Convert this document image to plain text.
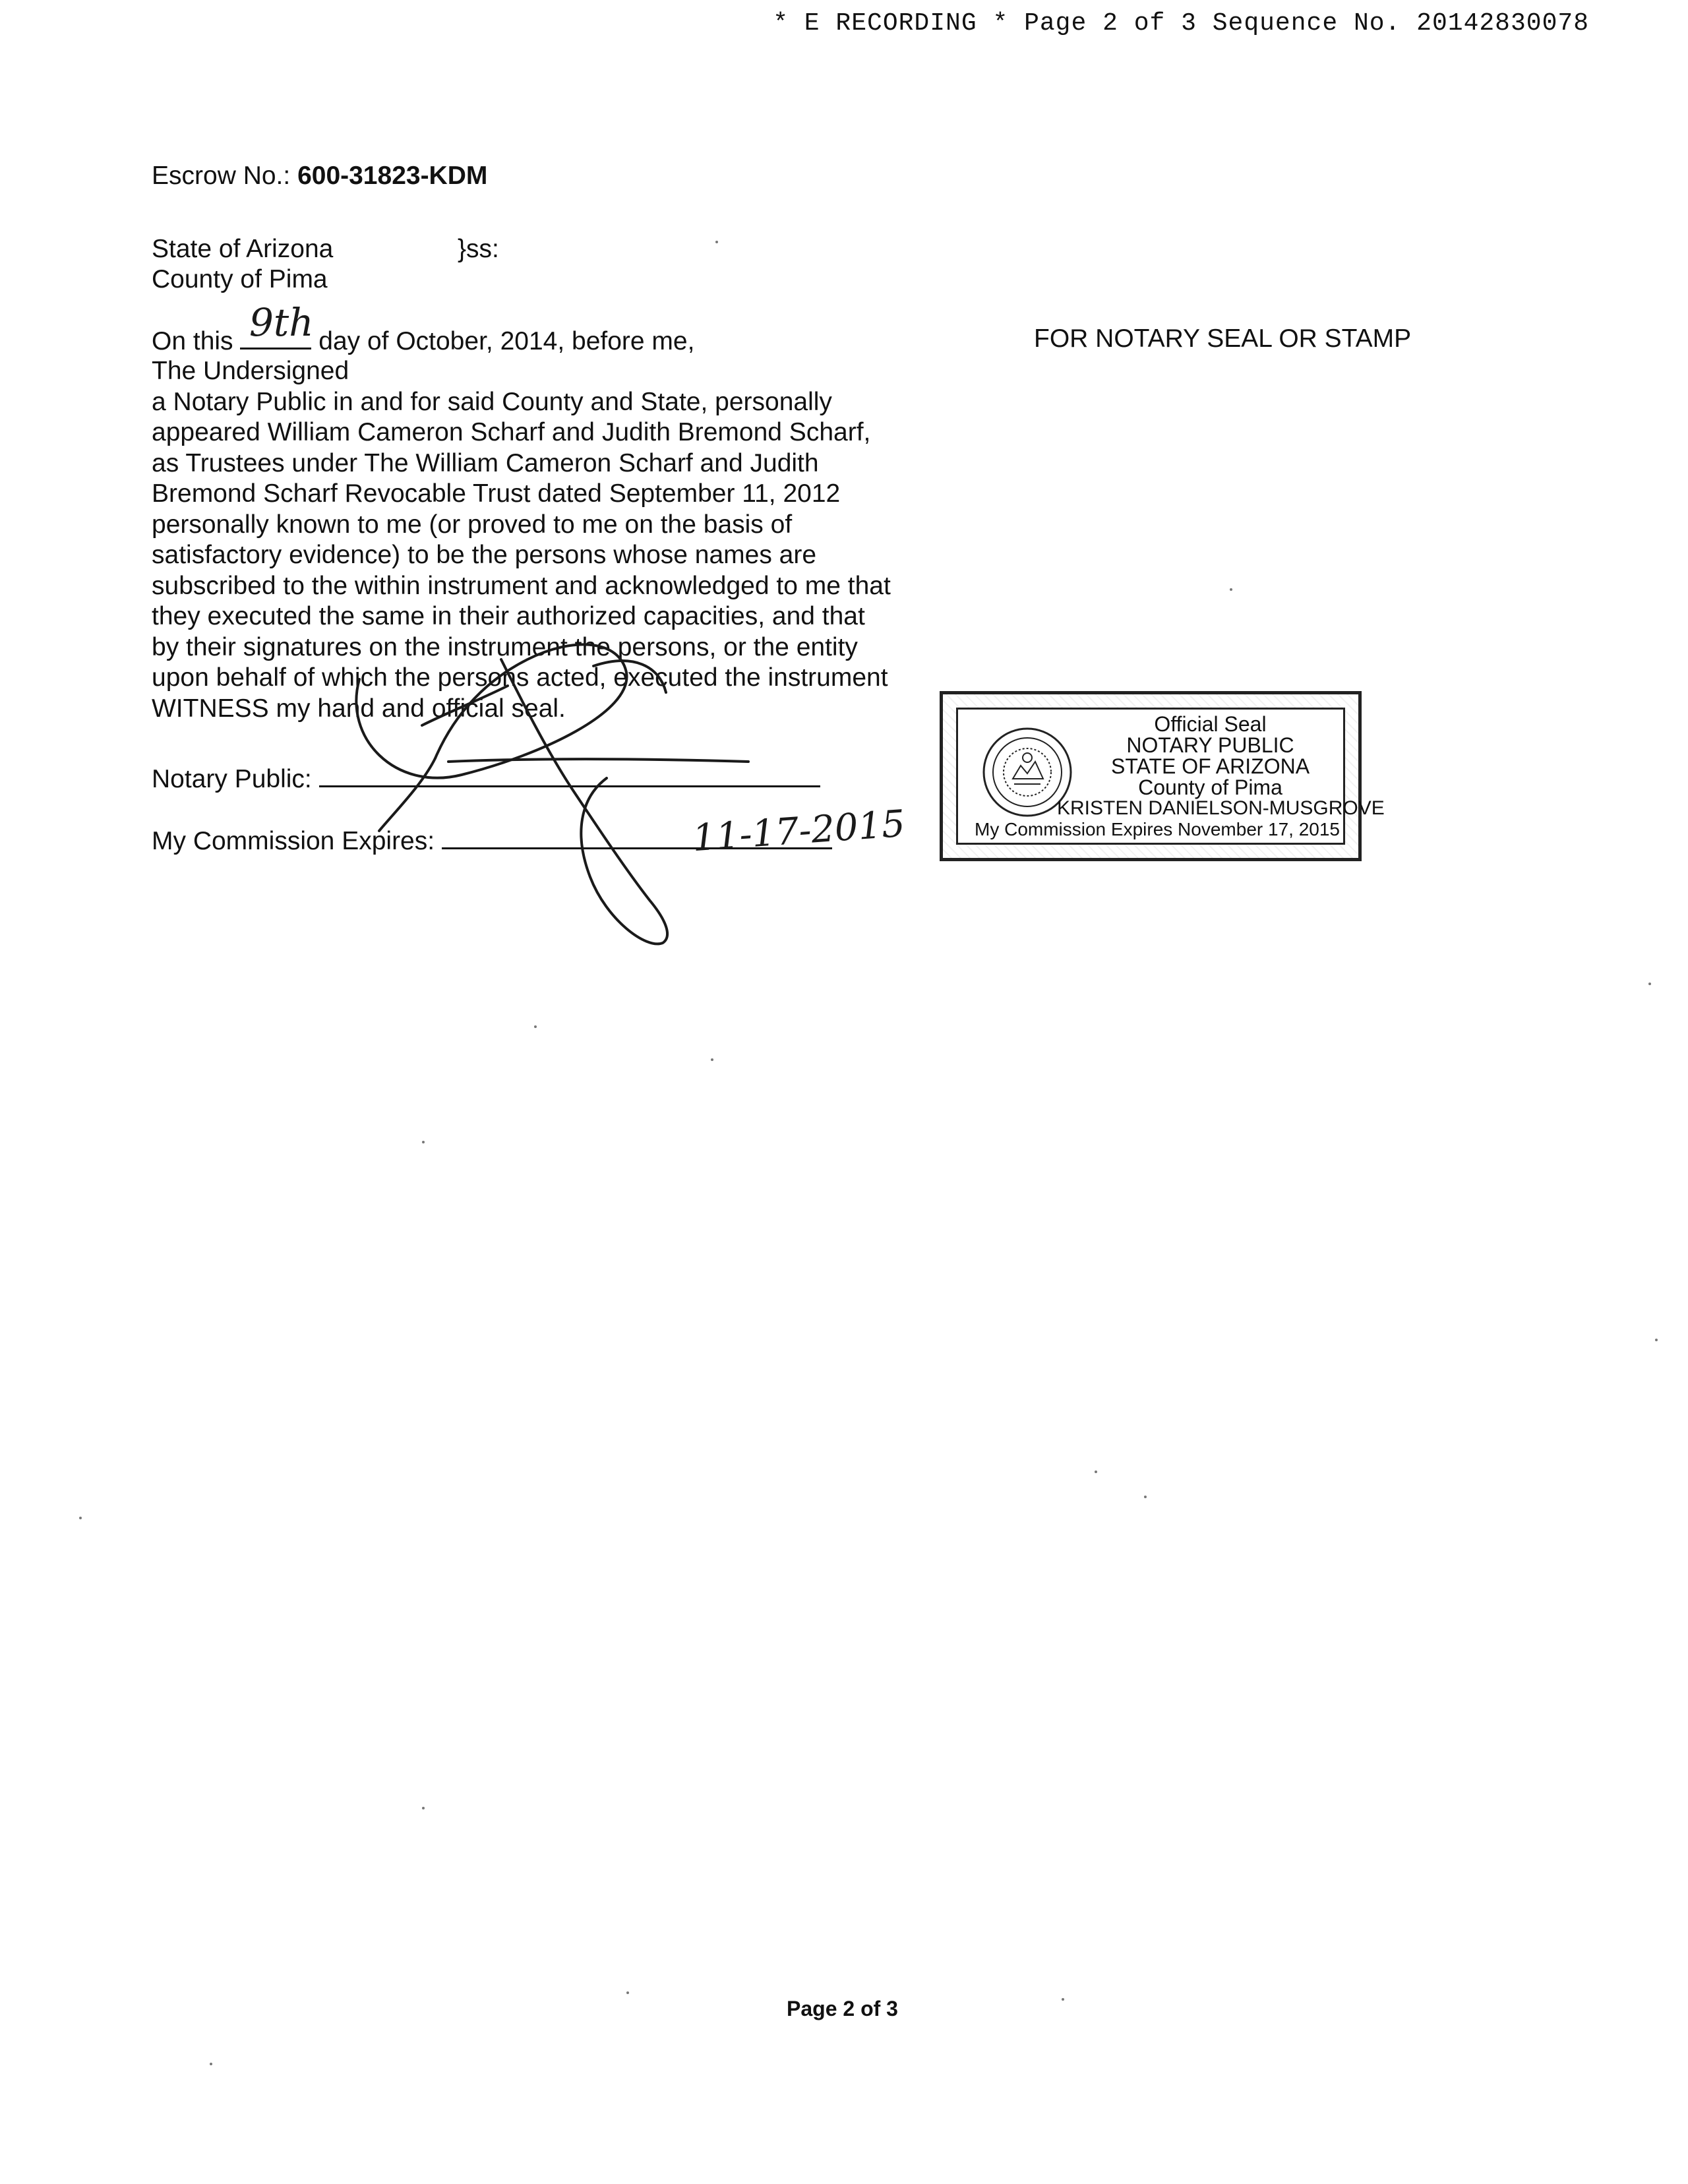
* E RECORDING * Page 2 of 3 Sequence No. 20142830078
Escrow No.: 600-31823-KDM
State of Arizona	}ss:
County of Pima
On this	day of October, 2014, before me,
9th	FOR NOTARY SEAL OR STAMP
The Undersigned
a Notary Public in and for said County and State, personally
appeared William Cameron Scharf and Judith Bremond Scharf,
as Trustees under The William Cameron Scharf and Judith
Bremond Scharf Revocable Trust dated September 11, 2012
personally known to me (or proved to me on the basis of
satisfactory evidence) to be the persons whose names are
subscribed to the within instrument and acknowledged to me that
they executed the same in their authorized capacities, and that
by their signatures on the instrument the persons, or the entity
upon behalf of which the persons acted, executed the instrument
WITNESS my hand and official seal.
Notary Public:
My Commission Expires:	11-17-2015
Official Seal
NOTARY PUBLIC
STATE OF ARIZONA
County of Pima
KRISTEN DANIELSON-MUSGROVE
My Commission Expires November 17, 2015
Page 2 of 3
